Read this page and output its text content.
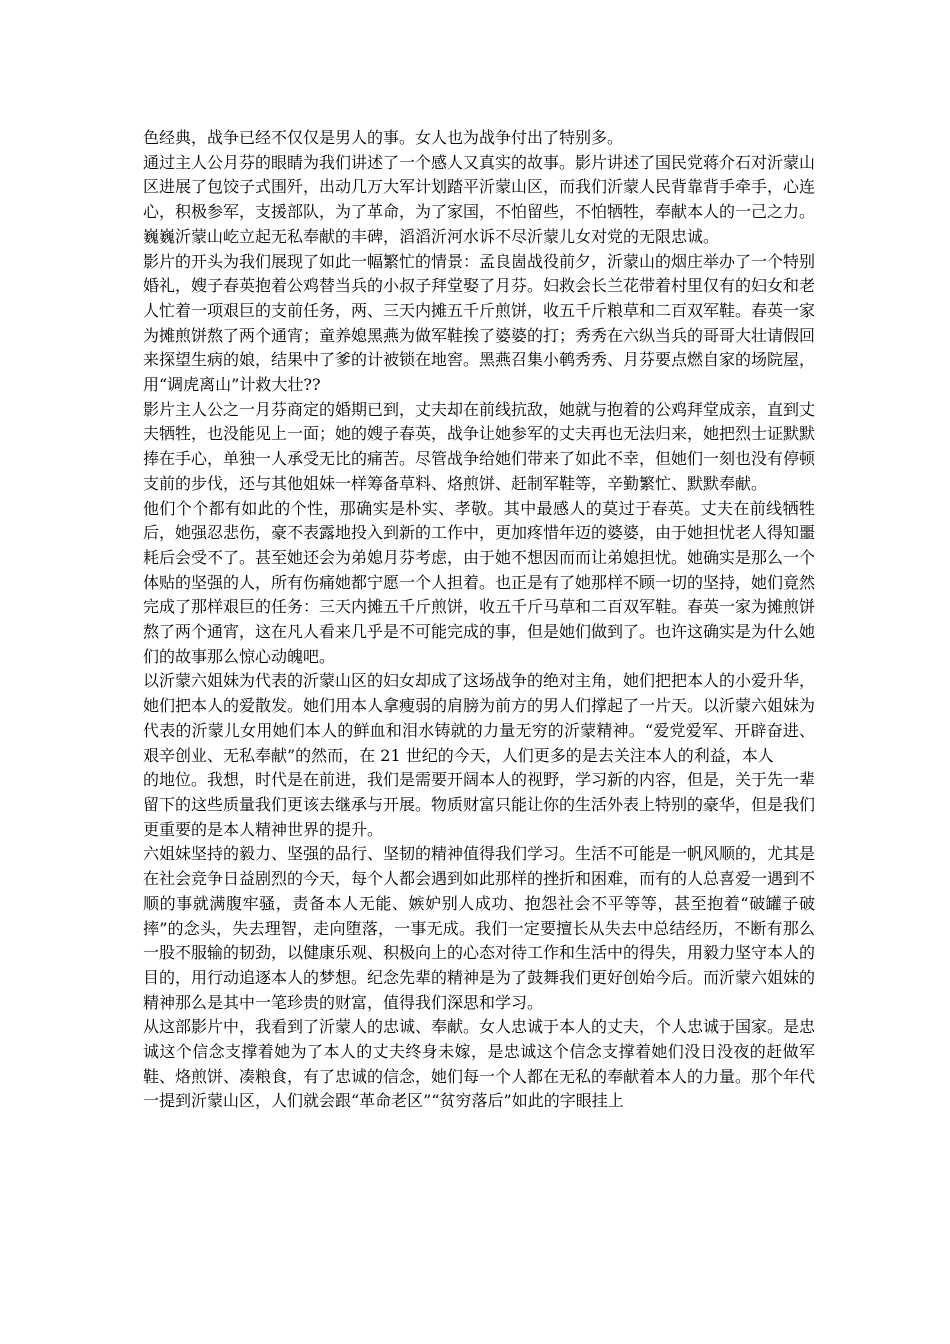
色经典，战争已经不仅仅是男人的事。女人也为战争付出了特别多。

通过主人公月芬的眼睛为我们讲述了一个感人又真实的故事。影片讲述了国民党蒋介石对沂蒙山区进展了包饺子式围歼，出动几万大军计划踏平沂蒙山区，而我们沂蒙人民背靠背手牵手，心连心，积极参军，支援部队，为了革命，为了家国，不怕留些，不怕牺牲，奉献本人的一己之力。巍巍沂蒙山屹立起无私奉献的丰碑，滔滔沂河水诉不尽沂蒙儿女对党的无限忠诚。

影片的开头为我们展现了如此一幅繁忙的情景：孟良崮战役前夕，沂蒙山的烟庄举办了一个特别婚礼，嫂子春英抱着公鸡替当兵的小叔子拜堂娶了月芬。妇救会长兰花带着村里仅有的妇女和老人忙着一项艰巨的支前任务，两、三天内摊五千斤煎饼，收五千斤粮草和二百双军鞋。春英一家为摊煎饼熬了两个通宵；童养媳黑燕为做军鞋挨了婆婆的打；秀秀在六纵当兵的哥哥大壮请假回来探望生病的娘，结果中了爹的计被锁在地窖。黑燕召集小鹌秀秀、月芬要点燃自家的场院屋，用“调虎离山”计救大壮??

影片主人公之一月芬商定的婚期已到，丈夫却在前线抗敌，她就与抱着的公鸡拜堂成亲，直到丈夫牺牲，也没能见上一面；她的嫂子春英，战争让她参军的丈夫再也无法归来，她把烈士证默默捧在手心，单独一人承受无比的痛苦。尽管战争给她们带来了如此不幸，但她们一刻也没有停顿支前的步伐，还与其他姐妹一样筹备草料、烙煎饼、赶制军鞋等，辛勤繁忙、默默奉献。

他们个个都有如此的个性，那确实是朴实、孝敬。其中最感人的莫过于春英。丈夫在前线牺牲后，她强忍悲伤，豪不表露地投入到新的工作中，更加疼惜年迈的婆婆，由于她担忧老人得知噩耗后会受不了。甚至她还会为弟媳月芬考虑，由于她不想因而而让弟媳担忧。她确实是那么一个体贴的坚强的人，所有伤痛她都宁愿一个人担着。也正是有了她那样不顾一切的坚持，她们竟然完成了那样艰巨的任务：三天内摊五千斤煎饼，收五千斤马草和二百双军鞋。春英一家为摊煎饼熬了两个通宵，这在凡人看来几乎是不可能完成的事，但是她们做到了。也许这确实是为什么她们的故事那么惊心动魄吧。

以沂蒙六姐妹为代表的沂蒙山区的妇女却成了这场战争的绝对主角，她们把把本人的小爱升华，她们把本人的爱散发。她们用本人拿瘦弱的肩膀为前方的男人们撑起了一片天。以沂蒙六姐妹为代表的沂蒙儿女用她们本人的鲜血和泪水铸就的力量无穷的沂蒙精神。“爱党爱军、开辟奋进、艰辛创业、无私奉献”的然而，在 21 世纪的今天，人们更多的是去关注本人的利益，本人

的地位。我想，时代是在前进，我们是需要开阔本人的视野，学习新的内容，但是，关于先一辈留下的这些质量我们更该去继承与开展。物质财富只能让你的生活外表上特别的豪华，但是我们更重要的是本人精神世界的提升。

六姐妹坚持的毅力、坚强的品行、坚韧的精神值得我们学习。生活不可能是一帆风顺的，尤其是在社会竞争日益剧烈的今天，每个人都会遇到如此那样的挫折和困难，而有的人总喜爱一遇到不顺的事就满腹牢骚，责备本人无能、嫉妒别人成功、抱怨社会不平等等，甚至抱着“破罐子破摔”的念头，失去理智，走向堕落，一事无成。我们一定要擅长从失去中总结经历，不断有那么一股不服输的韧劲，以健康乐观、积极向上的心态对待工作和生活中的得失，用毅力坚守本人的目的，用行动追逐本人的梦想。纪念先辈的精神是为了鼓舞我们更好创始今后。而沂蒙六姐妹的精神那么是其中一笔珍贵的财富，值得我们深思和学习。

从这部影片中，我看到了沂蒙人的忠诚、奉献。女人忠诚于本人的丈夫，个人忠诚于国家。是忠诚这个信念支撑着她为了本人的丈夫终身未嫁，是忠诚这个信念支撑着她们没日没夜的赶做军鞋、烙煎饼、凑粮食，有了忠诚的信念，她们每一个人都在无私的奉献着本人的力量。那个年代一提到沂蒙山区，人们就会跟“革命老区”“贫穷落后”如此的字眼挂上
